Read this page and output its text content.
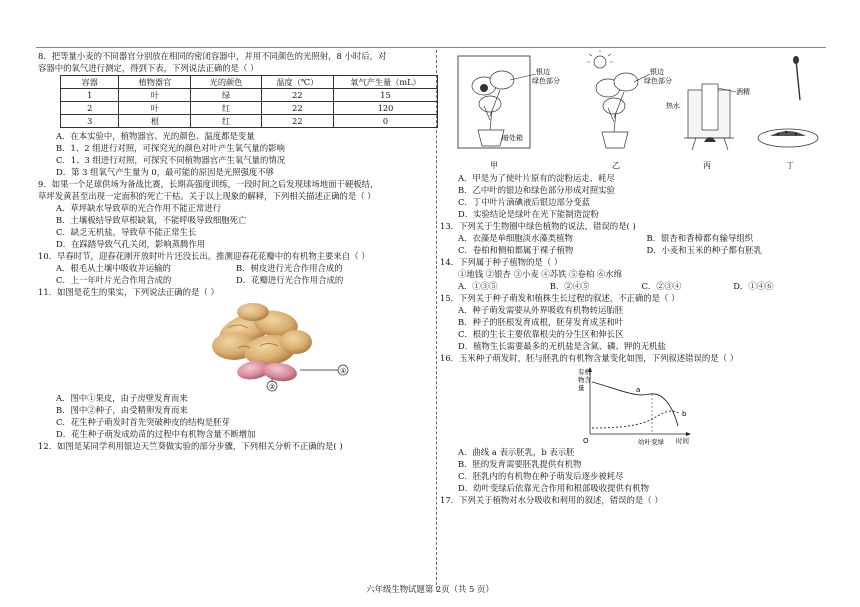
8．把等量小麦的不同器官分别放在相同的密闭容器中，并用不同颜色的光照射，8 小时后，对

容器中的氧气进行测定，得到下表，下列说法正确的是（ ）

容器	植物器官	光的颜色	温度（℃）	氧气产生量（mL）
1	叶	绿	22	15
2	叶	红	22	120
3	根	红	22	0

A．在本实验中，植物器官、光的颜色、温度都是变量

B．1、2 组进行对照，可探究光的颜色对叶产生氧气量的影响

C．1、3 组进行对照，可探究不同植物器官产生氧气量的情况

D．第 3 组氧气产生量为 0，最可能的原因是光照强度不够

9．如果一个足球供场为备战比赛，长期高强度训练，一段时间之后发现球场地面干硬板结，

草坪发黄甚至出现一定面积的死亡干枯。关于以上现象的解释，下列相关描述正确的是（ ）

A．草坪缺水导致草的光合作用不能正常进行

B．土壤板结导致草根缺氧，不能呼吸导致细胞死亡

C．缺乏无机盐，导致草不能正常生长

D．在踩踏导致气孔关闭，影响蒸腾作用

10．早春时节，迎春花刚开放时叶片还没长出。推测迎春花花瓣中的有机物主要来自（ ）

A．根毛从土壤中吸收并运输的	B．树皮进行光合作用合成的
C．上一年叶片光合作用合成的	D．花瓣进行光合作用合成的

11．如图是花生的果实，下列说法正确的是（ ）

①
②

A．图中①果皮，由子房壁发育而来

B．图中②种子，由受精卵发育而来

C．花生种子萌发时首先突破种皮的结构是胚芽

D．花生种子萌发成幼苗的过程中有机物含量不断增加

12．如图是某同学利用银边天竺葵做实验的部分步骤，下列相关分析不正确的是( )

银边
绿色部分
暗处箱
甲
银边
绿色部分
乙
热水
酒精
丙	丁

A．甲是为了使叶片原有的淀粉运走、耗尽

B．乙中叶的银边和绿色部分形成对照实验

C．丁中叶片滴碘液后银边部分变蓝

D．实验结论是绿叶在光下能制造淀粉

13．下列关于生物圈中绿色植物的说法，错误的是( )

A．衣藻是单细胞淡水藻类植物	B．银杏和香樟都有输导组织
C．卷柏和侧柏都属于裸子植物	D．小麦和玉米的种子都有胚乳

14．下列属于种子植物的是（ ）

①地钱 ②银杏 ③小麦 ④苏铁 ⑤卷柏 ⑥水绵

A．①③⑤	B．②④⑤	C．②③④	D．①④⑥

15．下列关于种子萌发和植株生长过程的叙述，不正确的是（ ）

A．种子萌发需要从外界吸收有机物转运胎胚

B．种子的胚根发育成根，胚芽发育成茎和叶

C．根的生长主要依靠根尖的分生区和伸长区

D．植物生长需要最多的无机盐是含氮、磷、钾的无机盐

16．玉米种子萌发时，胚与胚乳的有机物含量变化如图，下列叙述错误的是（ ）

有机
物含
量
O	时间
a
b
幼叶变绿

A．曲线 a 表示胚乳，b 表示胚

B．胚的发育需要胚乳提供有机物

C．胚乳内的有机物在种子萌发后逐步被耗尽

D．幼叶变绿后依靠光合作用和根部吸收提供有机物

17．下列关于植物对水分吸收和利用的叙述，错误的是（ ）

六年级生物试题第 2页（共 5 页）
